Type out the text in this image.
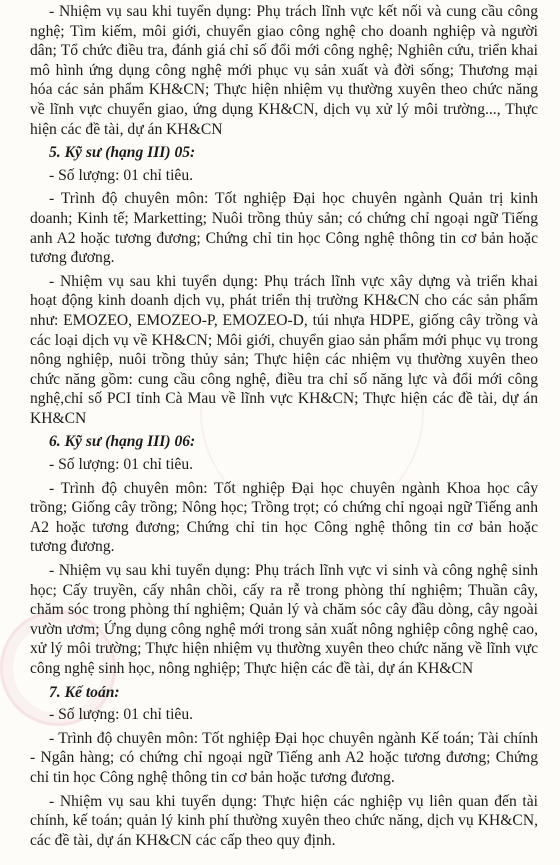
- Nhiệm vụ sau khi tuyển dụng: Phụ trách lĩnh vực kết nối và cung cầu công nghệ; Tìm kiếm, môi giới, chuyển giao công nghệ cho doanh nghiệp và người dân; Tổ chức điều tra, đánh giá chỉ số đổi mới công nghệ; Nghiên cứu, triển khai mô hình ứng dụng công nghệ mới phục vụ sản xuất và đời sống; Thương mại hóa các sản phẩm KH&CN; Thực hiện nhiệm vụ thường xuyên theo chức năng về lĩnh vực chuyển giao, ứng dụng KH&CN, dịch vụ xử lý môi trường..., Thực hiện các đề tài, dự án KH&CN

5. Kỹ sư (hạng III) 05:

- Số lượng: 01 chỉ tiêu.

- Trình độ chuyên môn: Tốt nghiệp Đại học chuyên ngành Quản trị kinh doanh; Kinh tế; Marketting; Nuôi trồng thủy sản; có chứng chỉ ngoại ngữ Tiếng anh A2 hoặc tương đương; Chứng chỉ tin học Công nghệ thông tin cơ bản hoặc tương đương.

- Nhiệm vụ sau khi tuyển dụng: Phụ trách lĩnh vực xây dựng và triển khai hoạt động kinh doanh dịch vụ, phát triển thị trường KH&CN cho các sản phẩm như: EMOZEO, EMOZEO-P, EMOZEO-D, túi nhựa HDPE, giống cây trồng và các loại dịch vụ về KH&CN; Môi giới, chuyển giao sản phẩm mới phục vụ trong nông nghiệp, nuôi trồng thủy sản; Thực hiện các nhiệm vụ thường xuyên theo chức năng gồm: cung cầu công nghệ, điều tra chỉ số năng lực và đổi mới công nghệ,chỉ số PCI tỉnh Cà Mau về lĩnh vực KH&CN; Thực hiện các đề tài, dự án KH&CN

6. Kỹ sư (hạng III) 06:

- Số lượng: 01 chỉ tiêu.

- Trình độ chuyên môn: Tốt nghiệp Đại học chuyên ngành Khoa học cây trồng; Giống cây trồng; Nông học; Trồng trọt; có chứng chỉ ngoại ngữ Tiếng anh A2 hoặc tương đương; Chứng chỉ tin học Công nghệ thông tin cơ bản hoặc tương đương.

- Nhiệm vụ sau khi tuyển dụng: Phụ trách lĩnh vực vi sinh và công nghệ sinh học; Cấy truyền, cấy nhân chồi, cấy ra rễ trong phòng thí nghiệm; Thuần cây, chăm sóc trong phòng thí nghiệm; Quản lý và chăm sóc cây đầu dòng, cây ngoài vườn ươm; Ứng dụng công nghệ mới trong sản xuất nông nghiệp công nghệ cao, xử lý môi trường; Thực hiện nhiệm vụ thường xuyên theo chức năng về lĩnh vực công nghệ sinh học, nông nghiệp; Thực hiện các đề tài, dự án KH&CN

7. Kế toán:

- Số lượng: 01 chỉ tiêu.

- Trình độ chuyên môn: Tốt nghiệp Đại học chuyên ngành Kế toán; Tài chính - Ngân hàng; có chứng chỉ ngoại ngữ Tiếng anh A2 hoặc tương đương; Chứng chỉ tin học Công nghệ thông tin cơ bản hoặc tương đương.

- Nhiệm vụ sau khi tuyển dụng: Thực hiện các nghiệp vụ liên quan đến tài chính, kế toán; quản lý kinh phí thường xuyên theo chức năng, dịch vụ KH&CN, các đề tài, dự án KH&CN các cấp theo quy định.
